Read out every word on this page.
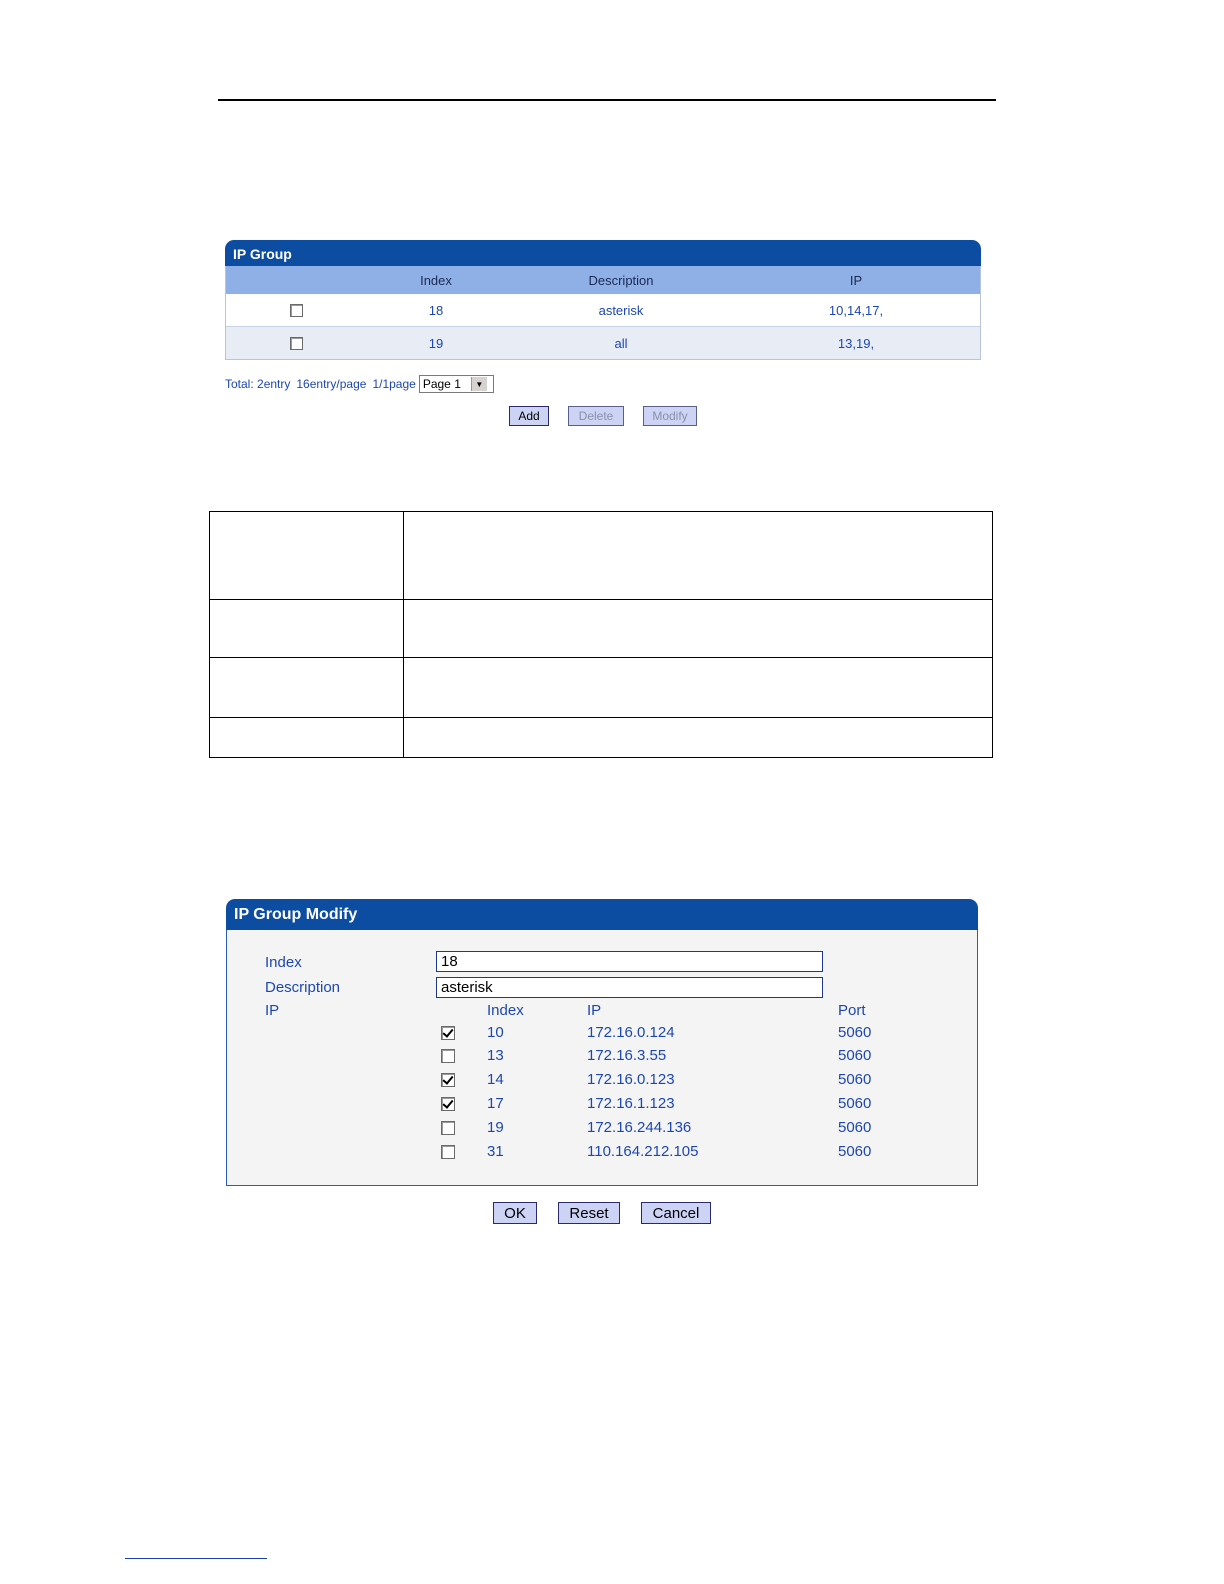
IP Group
Index	Description	IP
18	asterisk	10,14,17,
19	all	13,19,
Total: 2entry 16entry/page 1/1page Page 1	▼
Add	Delete	Modify
IP Group Modify
Index
18
Description
asterisk
IP	Index	IP	Port
10	172.16.0.124	5060
13	172.16.3.55	5060
14	172.16.0.123	5060
17	172.16.1.123	5060
19	172.16.244.136	5060
31	110.164.212.105	5060
OK	Reset	Cancel
